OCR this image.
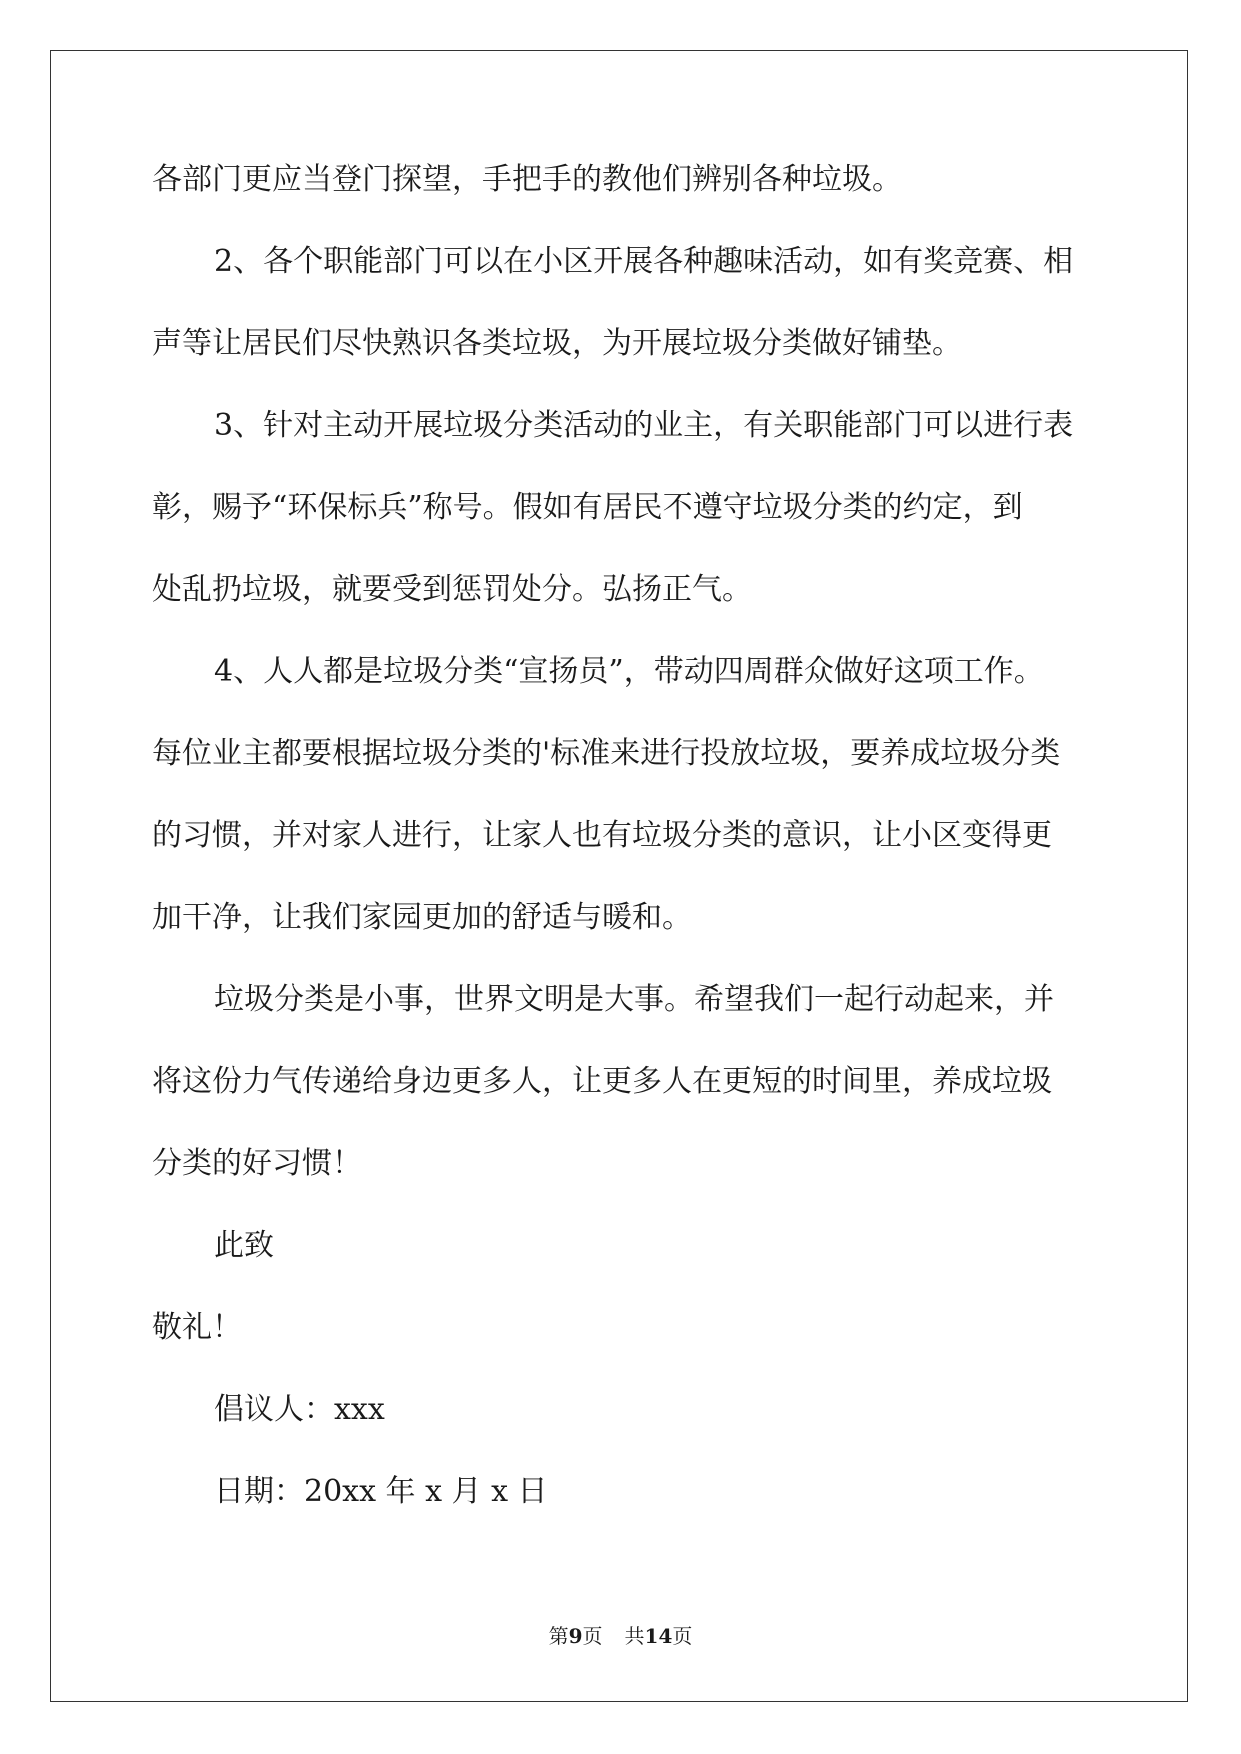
各部门更应当登门探望，手把手的教他们辨别各种垃圾。
2、各个职能部门可以在小区开展各种趣味活动，如有奖竞赛、相
声等让居民们尽快熟识各类垃圾，为开展垃圾分类做好铺垫。
3、针对主动开展垃圾分类活动的业主，有关职能部门可以进行表
彰，赐予“环保标兵”称号。假如有居民不遵守垃圾分类的约定，到
处乱扔垃圾，就要受到惩罚处分。弘扬正气。
4、人人都是垃圾分类“宣扬员”，带动四周群众做好这项工作。
每位业主都要根据垃圾分类的'标准来进行投放垃圾，要养成垃圾分类
的习惯，并对家人进行，让家人也有垃圾分类的意识，让小区变得更
加干净，让我们家园更加的舒适与暖和。
垃圾分类是小事，世界文明是大事。希望我们一起行动起来，并
将这份力气传递给身边更多人，让更多人在更短的时间里，养成垃圾
分类的好习惯！
此致
敬礼！
倡议人：xxx
日期：20xx 年 x 月 x 日
第9页 共14页
